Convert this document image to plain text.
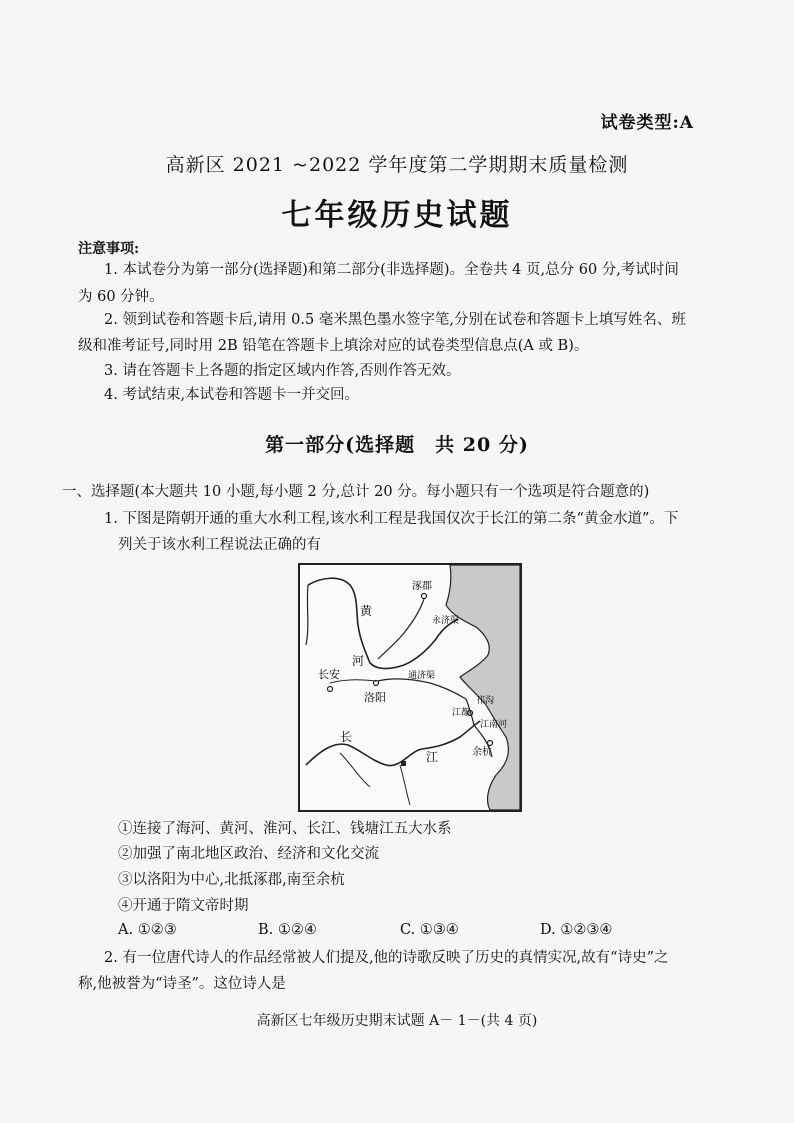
试卷类型:A
高新区 2021 ~2022 学年度第二学期期末质量检测
七年级历史试题
注意事项:
1. 本试卷分为第一部分(选择题)和第二部分(非选择题)。全卷共 4 页,总分 60 分,考试时间
为 60 分钟。
2. 领到试卷和答题卡后,请用 0.5 毫米黑色墨水签字笔,分别在试卷和答题卡上填写姓名、班
级和准考证号,同时用 2B 铅笔在答题卡上填涂对应的试卷类型信息点(A 或 B)。
3. 请在答题卡上各题的指定区域内作答,否则作答无效。
4. 考试结束,本试卷和答题卡一并交回。
第一部分(选择题　共 20 分)
一、选择题(本大题共 10 小题,每小题 2 分,总计 20 分。每小题只有一个选项是符合题意的)
1. 下图是隋朝开通的重大水利工程,该水利工程是我国仅次于长江的第二条“黄金水道”。下
列关于该水利工程说法正确的有
涿郡
永济渠
黄
河
长安
洛阳
通济渠
邗沟
江都
江南河
长
江	余杭
①连接了海河、黄河、淮河、长江、钱塘江五大水系
②加强了南北地区政治、经济和文化交流
③以洛阳为中心,北抵涿郡,南至余杭
④开通于隋文帝时期
A. ①②③	B. ①②④	C. ①③④	D. ①②③④
2. 有一位唐代诗人的作品经常被人们提及,他的诗歌反映了历史的真情实况,故有“诗史”之
称,他被誉为“诗圣”。这位诗人是
高新区七年级历史期末试题 A－ 1－(共 4 页)
